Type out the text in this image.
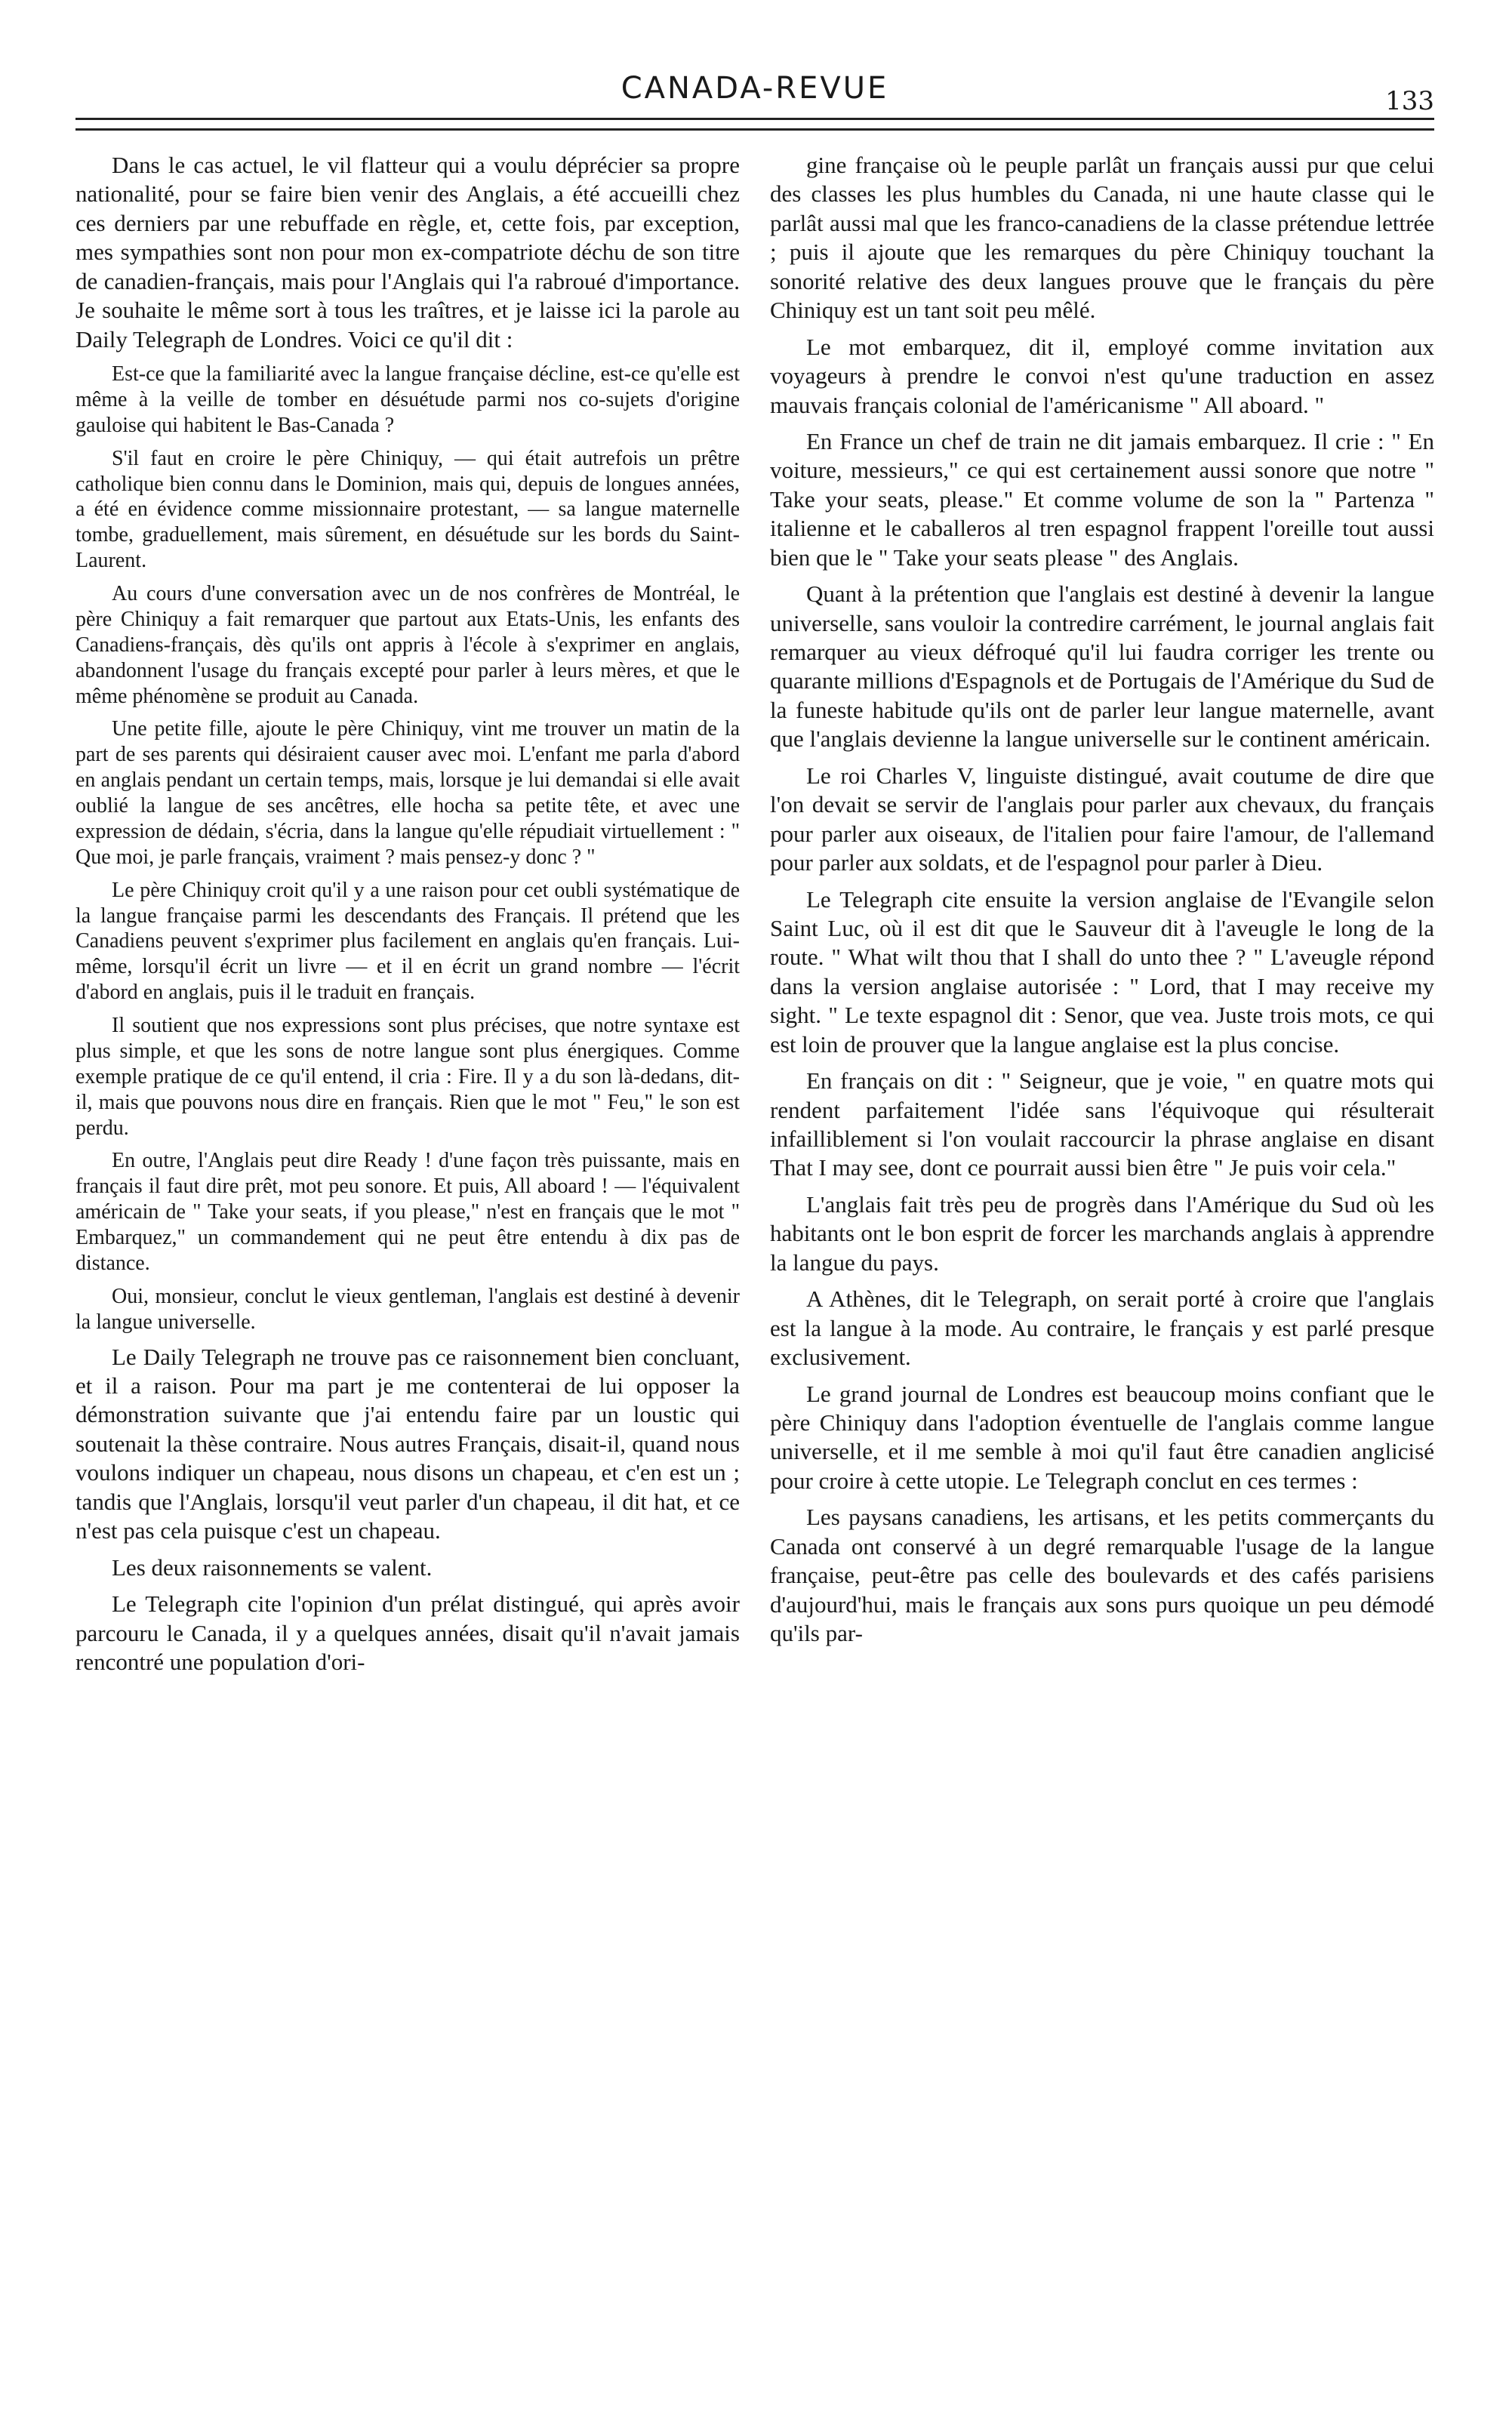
CANADA-REVUE	133

Dans le cas actuel, le vil flatteur qui a voulu déprécier sa propre nationalité, pour se faire bien venir des Anglais, a été accueilli chez ces derniers par une rebuffade en règle, et, cette fois, par exception, mes sympathies sont non pour mon ex-compatriote déchu de son titre de canadien-français, mais pour l'Anglais qui l'a rabroué d'importance. Je souhaite le même sort à tous les traîtres, et je laisse ici la parole au Daily Telegraph de Londres. Voici ce qu'il dit :

Est-ce que la familiarité avec la langue française décline, est-ce qu'elle est même à la veille de tomber en désuétude parmi nos co-sujets d'origine gauloise qui habitent le Bas-Canada ?

S'il faut en croire le père Chiniquy, — qui était autrefois un prêtre catholique bien connu dans le Dominion, mais qui, depuis de longues années, a été en évidence comme missionnaire protestant, — sa langue maternelle tombe, graduellement, mais sûrement, en désuétude sur les bords du Saint-Laurent.

Au cours d'une conversation avec un de nos confrères de Montréal, le père Chiniquy a fait remarquer que partout aux Etats-Unis, les enfants des Canadiens-français, dès qu'ils ont appris à l'école à s'exprimer en anglais, abandonnent l'usage du français excepté pour parler à leurs mères, et que le même phénomène se produit au Canada.

Une petite fille, ajoute le père Chiniquy, vint me trouver un matin de la part de ses parents qui désiraient causer avec moi. L'enfant me parla d'abord en anglais pendant un certain temps, mais, lorsque je lui demandai si elle avait oublié la langue de ses ancêtres, elle hocha sa petite tête, et avec une expression de dédain, s'écria, dans la langue qu'elle répudiait virtuellement : " Que moi, je parle français, vraiment ? mais pensez-y donc ? "

Le père Chiniquy croit qu'il y a une raison pour cet oubli systématique de la langue française parmi les descendants des Français. Il prétend que les Canadiens peuvent s'exprimer plus facilement en anglais qu'en français. Lui-même, lorsqu'il écrit un livre — et il en écrit un grand nombre — l'écrit d'abord en anglais, puis il le traduit en français.

Il soutient que nos expressions sont plus précises, que notre syntaxe est plus simple, et que les sons de notre langue sont plus énergiques. Comme exemple pratique de ce qu'il entend, il cria : Fire. Il y a du son là-dedans, dit-il, mais que pouvons nous dire en français. Rien que le mot " Feu," le son est perdu.

En outre, l'Anglais peut dire Ready ! d'une façon très puissante, mais en français il faut dire prêt, mot peu sonore. Et puis, All aboard ! — l'équivalent américain de " Take your seats, if you please," n'est en français que le mot " Embarquez," un commandement qui ne peut être entendu à dix pas de distance.

Oui, monsieur, conclut le vieux gentleman, l'anglais est destiné à devenir la langue universelle.

Le Daily Telegraph ne trouve pas ce raisonnement bien concluant, et il a raison. Pour ma part je me contenterai de lui opposer la démonstration suivante que j'ai entendu faire par un loustic qui soutenait la thèse contraire. Nous autres Français, disait-il, quand nous voulons indiquer un chapeau, nous disons un chapeau, et c'en est un ; tandis que l'Anglais, lorsqu'il veut parler d'un chapeau, il dit hat, et ce n'est pas cela puisque c'est un chapeau.

Les deux raisonnements se valent.

Le Telegraph cite l'opinion d'un prélat distingué, qui après avoir parcouru le Canada, il y a quelques années, disait qu'il n'avait jamais rencontré une population d'ori-

gine française où le peuple parlât un français aussi pur que celui des classes les plus humbles du Canada, ni une haute classe qui le parlât aussi mal que les franco-canadiens de la classe prétendue lettrée ; puis il ajoute que les remarques du père Chiniquy touchant la sonorité relative des deux langues prouve que le français du père Chiniquy est un tant soit peu mêlé.

Le mot embarquez, dit il, employé comme invitation aux voyageurs à prendre le convoi n'est qu'une traduction en assez mauvais français colonial de l'américanisme " All aboard. "

En France un chef de train ne dit jamais embarquez. Il crie : " En voiture, messieurs," ce qui est certainement aussi sonore que notre " Take your seats, please." Et comme volume de son la " Partenza " italienne et le caballeros al tren espagnol frappent l'oreille tout aussi bien que le " Take your seats please " des Anglais.

Quant à la prétention que l'anglais est destiné à devenir la langue universelle, sans vouloir la contredire carrément, le journal anglais fait remarquer au vieux défroqué qu'il lui faudra corriger les trente ou quarante millions d'Espagnols et de Portugais de l'Amérique du Sud de la funeste habitude qu'ils ont de parler leur langue maternelle, avant que l'anglais devienne la langue universelle sur le continent américain.

Le roi Charles V, linguiste distingué, avait coutume de dire que l'on devait se servir de l'anglais pour parler aux chevaux, du français pour parler aux oiseaux, de l'italien pour faire l'amour, de l'allemand pour parler aux soldats, et de l'espagnol pour parler à Dieu.

Le Telegraph cite ensuite la version anglaise de l'Evangile selon Saint Luc, où il est dit que le Sauveur dit à l'aveugle le long de la route. " What wilt thou that I shall do unto thee ? " L'aveugle répond dans la version anglaise autorisée : " Lord, that I may receive my sight. " Le texte espagnol dit : Senor, que vea. Juste trois mots, ce qui est loin de prouver que la langue anglaise est la plus concise.

En français on dit : " Seigneur, que je voie, " en quatre mots qui rendent parfaitement l'idée sans l'équivoque qui résulterait infailliblement si l'on voulait raccourcir la phrase anglaise en disant That I may see, dont ce pourrait aussi bien être " Je puis voir cela."

L'anglais fait très peu de progrès dans l'Amérique du Sud où les habitants ont le bon esprit de forcer les marchands anglais à apprendre la langue du pays.

A Athènes, dit le Telegraph, on serait porté à croire que l'anglais est la langue à la mode. Au contraire, le français y est parlé presque exclusivement.

Le grand journal de Londres est beaucoup moins confiant que le père Chiniquy dans l'adoption éventuelle de l'anglais comme langue universelle, et il me semble à moi qu'il faut être canadien anglicisé pour croire à cette utopie. Le Telegraph conclut en ces termes :

Les paysans canadiens, les artisans, et les petits commerçants du Canada ont conservé à un degré remarquable l'usage de la langue française, peut-être pas celle des boulevards et des cafés parisiens d'aujourd'hui, mais le français aux sons purs quoique un peu démodé qu'ils par-
